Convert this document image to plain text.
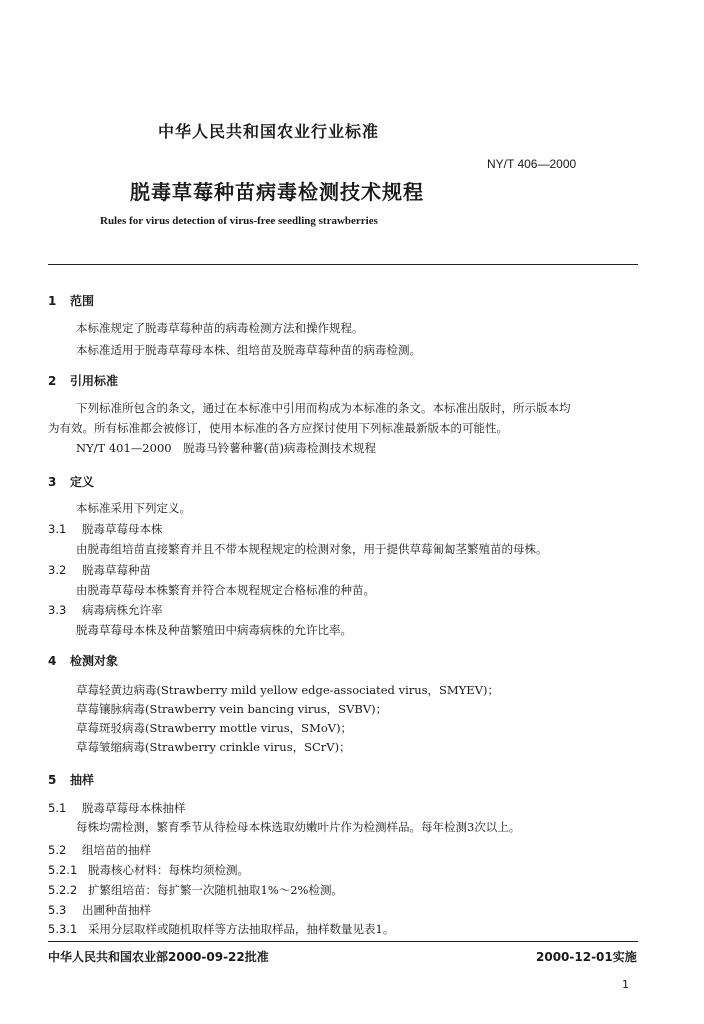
中华人民共和国农业行业标准
NY/T 406—2000
脱毒草莓种苗病毒检测技术规程
Rules for virus detection of virus-free seedling strawberries
1 范围
本标准规定了脱毒草莓种苗的病毒检测方法和操作规程。
本标准适用于脱毒草莓母本株、组培苗及脱毒草莓种苗的病毒检测。
2 引用标准
下列标准所包含的条文，通过在本标准中引用而构成为本标准的条文。本标准出版时，所示版本均
为有效。所有标准都会被修订，使用本标准的各方应探讨使用下列标准最新版本的可能性。
NY/T 401—2000　脱毒马铃薯种薯(苗)病毒检测技术规程
3 定义
本标准采用下列定义。
3.1 脱毒草莓母本株
由脱毒组培苗直接繁育并且不带本规程规定的检测对象，用于提供草莓匍匐茎繁殖苗的母株。
3.2 脱毒草莓种苗
由脱毒草莓母本株繁育并符合本规程规定合格标准的种苗。
3.3 病毒病株允许率
脱毒草莓母本株及种苗繁殖田中病毒病株的允许比率。
4 检测对象
草莓轻黄边病毒(Strawberry mild yellow edge-associated virus，SMYEV)；
草莓镶脉病毒(Strawberry vein bancing virus，SVBV)；
草莓斑驳病毒(Strawberry mottle virus，SMoV)；
草莓皱缩病毒(Strawberry crinkle virus，SCrV)；
5 抽样
5.1 脱毒草莓母本株抽样
每株均需检测，繁育季节从待检母本株选取幼嫩叶片作为检测样品。每年检测3次以上。
5.2 组培苗的抽样
5.2.1 脱毒核心材料：每株均须检测。
5.2.2 扩繁组培苗：每扩繁一次随机抽取1%～2%检测。
5.3 出圃种苗抽样
5.3.1 采用分层取样或随机取样等方法抽取样品，抽样数量见表1。
中华人民共和国农业部2000-09-22批准	2000-12-01实施
1
